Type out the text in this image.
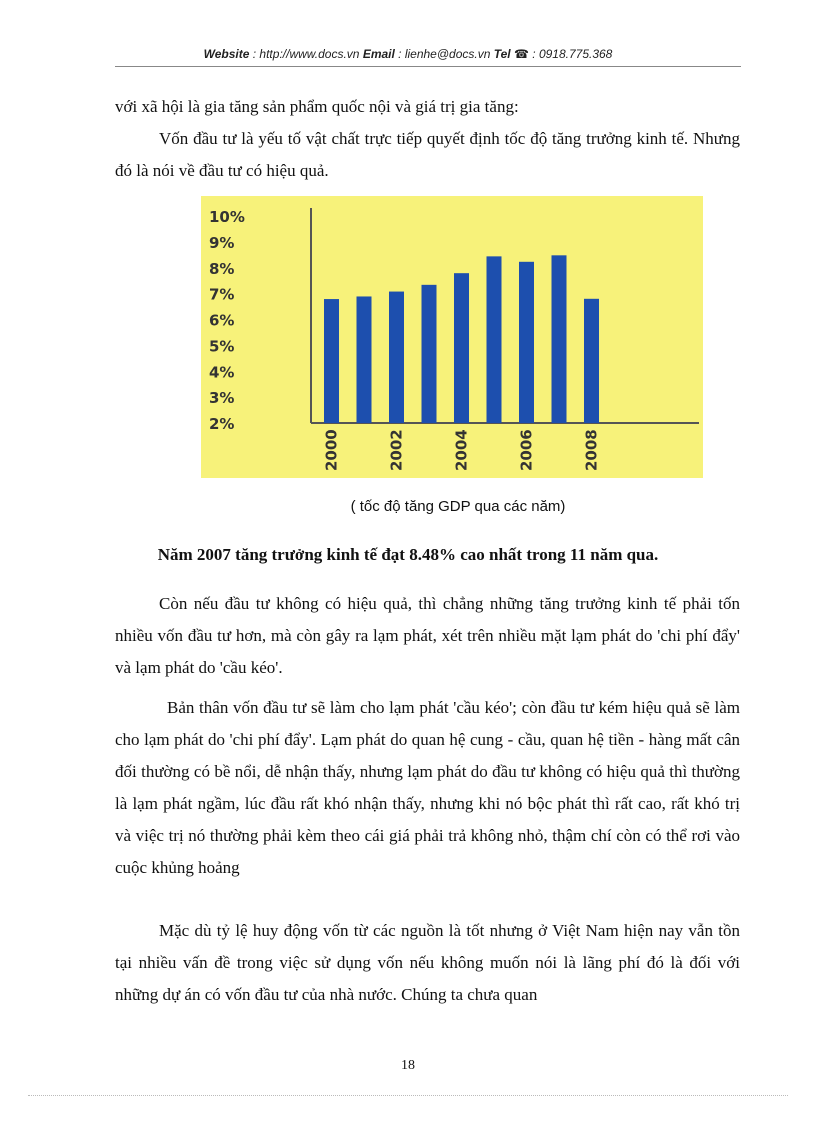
Website : http://www.docs.vn Email : lienhe@docs.vn Tel ☎ : 0918.775.368

với xã hội là gia tăng sản phẩm quốc nội và giá trị gia tăng:

Vốn đầu tư là yếu tố vật chất trực tiếp quyết định tốc độ tăng trưởng kinh tế. Nhưng đó là nói về đầu tư có hiệu quả.

10%
9%
8%
7%
6%
5%
4%
3%
2%
2000	2002	2004	2006	2008
( tốc độ tăng GDP qua các năm)
Năm 2007 tăng trưởng kinh tế đạt 8.48% cao nhất trong 11 năm qua.

Còn nếu đầu tư không có hiệu quả, thì chẳng những tăng trưởng kinh tế phải tốn nhiều vốn đầu tư hơn, mà còn gây ra lạm phát, xét trên nhiều mặt lạm phát do 'chi phí đẩy' và lạm phát do 'cầu kéo'.

Bản thân vốn đầu tư sẽ làm cho lạm phát 'cầu kéo'; còn đầu tư kém hiệu quả sẽ làm cho lạm phát do 'chi phí đẩy'. Lạm phát do quan hệ cung - cầu, quan hệ tiền - hàng mất cân đối thường có bề nổi, dễ nhận thấy, nhưng lạm phát do đầu tư không có hiệu quả thì thường là lạm phát ngầm, lúc đầu rất khó nhận thấy, nhưng khi nó bộc phát thì rất cao, rất khó trị và việc trị nó thường phải kèm theo cái giá phải trả không nhỏ, thậm chí còn có thể rơi vào cuộc khủng hoảng

Mặc dù tỷ lệ huy động vốn từ các nguồn là tốt nhưng ở Việt Nam hiện nay vẫn tồn tại nhiều vấn đề trong việc sử dụng vốn nếu không muốn nói là lãng phí đó là đối với những dự án có vốn đầu tư của nhà nước. Chúng ta chưa quan

18
